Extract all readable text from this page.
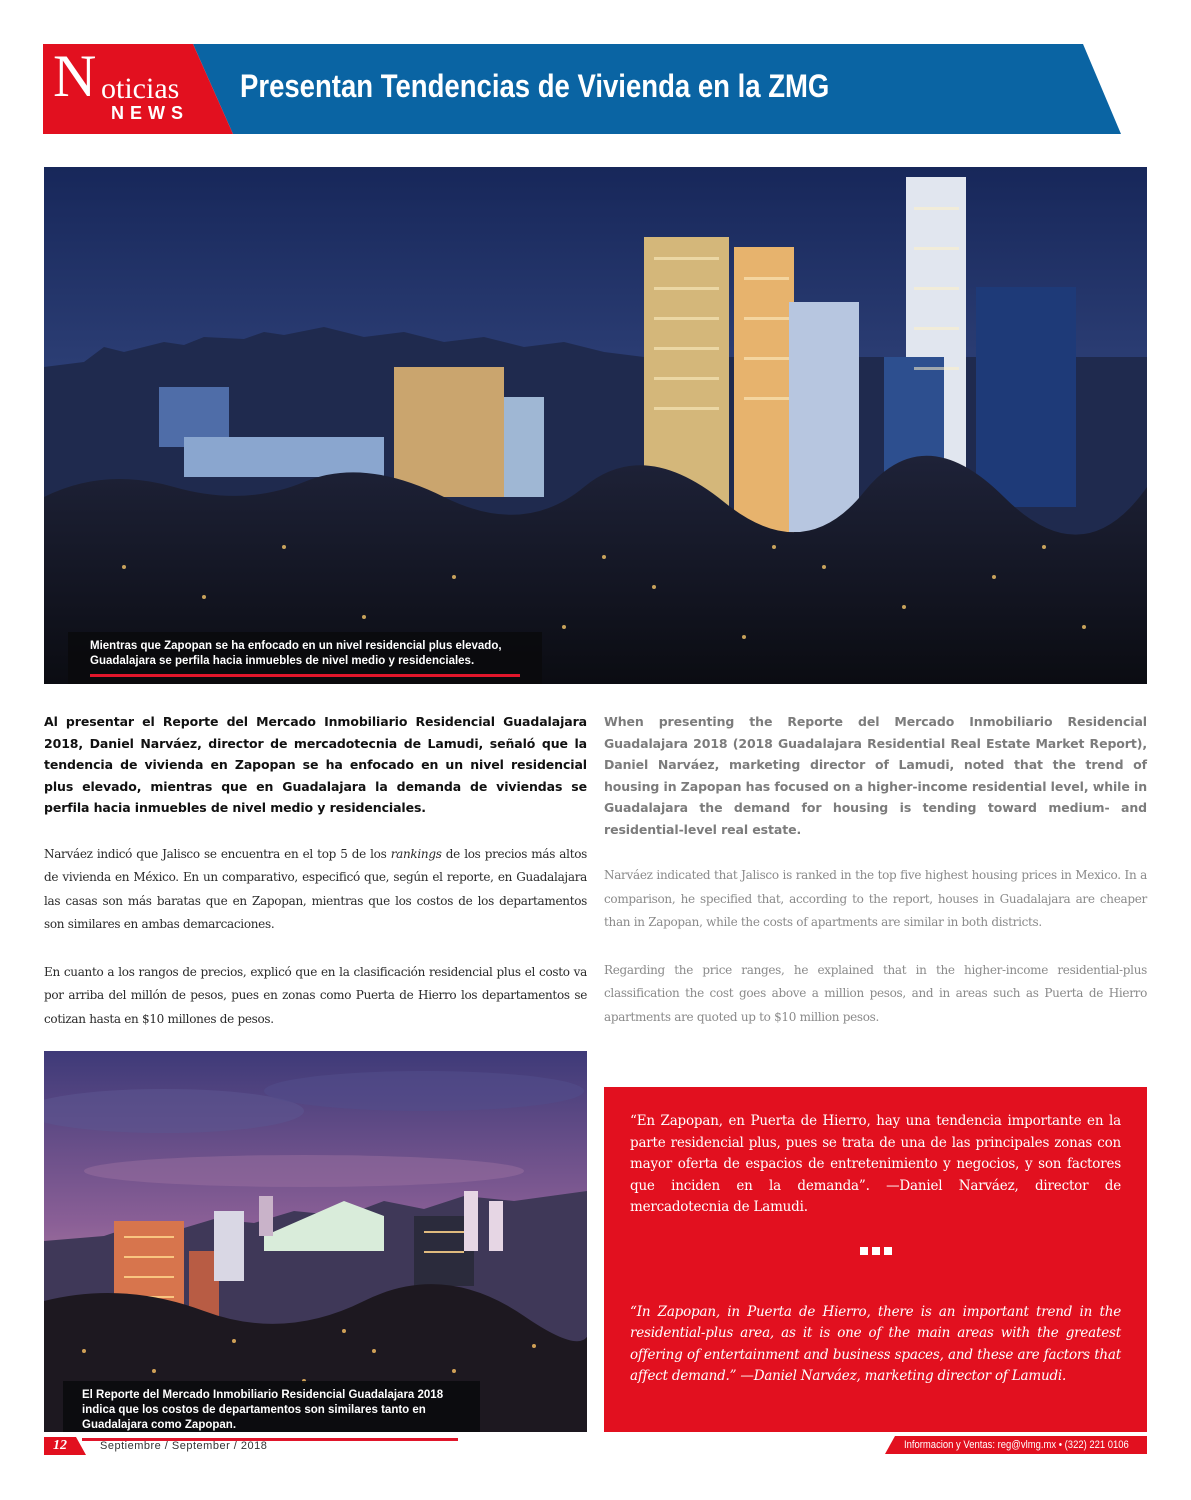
N oticias
NEWS
Presentan Tendencias de Vivienda en la ZMG
Mientras que Zapopan se ha enfocado en un nivel residencial plus elevado, Guadalajara se perfila hacia inmuebles de nivel medio y residenciales.

Al presentar el Reporte del Mercado Inmobiliario Residencial Guadalajara 2018, Daniel Narváez, director de mercadotecnia de Lamudi, señaló que la tendencia de vivienda en Zapopan se ha enfocado en un nivel residencial plus elevado, mientras que en Guadalajara la demanda de viviendas se perfila hacia inmuebles de nivel medio y residenciales.

Narváez indicó que Jalisco se encuentra en el top 5 de los rankings de los precios más altos de vivienda en México. En un comparativo, especificó que, según el reporte, en Guadalajara las casas son más baratas que en Zapopan, mientras que los costos de los departamentos son similares en ambas demarcaciones.

En cuanto a los rangos de precios, explicó que en la clasificación residencial plus el costo va por arriba del millón de pesos, pues en zonas como Puerta de Hierro los departamentos se cotizan hasta en $10 millones de pesos.

When presenting the Reporte del Mercado Inmobiliario Residencial Guadalajara 2018 (2018 Guadalajara Residential Real Estate Market Report), Daniel Narváez, marketing director of Lamudi, noted that the trend of housing in Zapopan has focused on a higher-income residential level, while in Guadalajara the demand for housing is tending toward medium- and residential-level real estate.

Narváez indicated that Jalisco is ranked in the top five highest housing prices in Mexico. In a comparison, he specified that, according to the report, houses in Guadalajara are cheaper than in Zapopan, while the costs of apartments are similar in both districts.

Regarding the price ranges, he explained that in the higher-income residential-plus classification the cost goes above a million pesos, and in areas such as Puerta de Hierro apartments are quoted up to $10 million pesos.

El Reporte del Mercado Inmobiliario Residencial Guadalajara 2018 indica que los costos de departamentos son similares tanto en Guadalajara como Zapopan.

“En Zapopan, en Puerta de Hierro, hay una tendencia importante en la parte residencial plus, pues se trata de una de las principales zonas con mayor oferta de espacios de entretenimiento y negocios, y son factores que inciden en la demanda”. —Daniel Narváez, director de mercadotecnia de Lamudi.

“In Zapopan, in Puerta de Hierro, there is an important trend in the residential-plus area, as it is one of the main areas with the greatest offering of entertainment and business spaces, and these are factors that affect demand.” —Daniel Narváez, marketing director of Lamudi.

12	Septiembre / September / 2018	Informacion y Ventas: reg@vlmg.mx • (322) 221 0106
